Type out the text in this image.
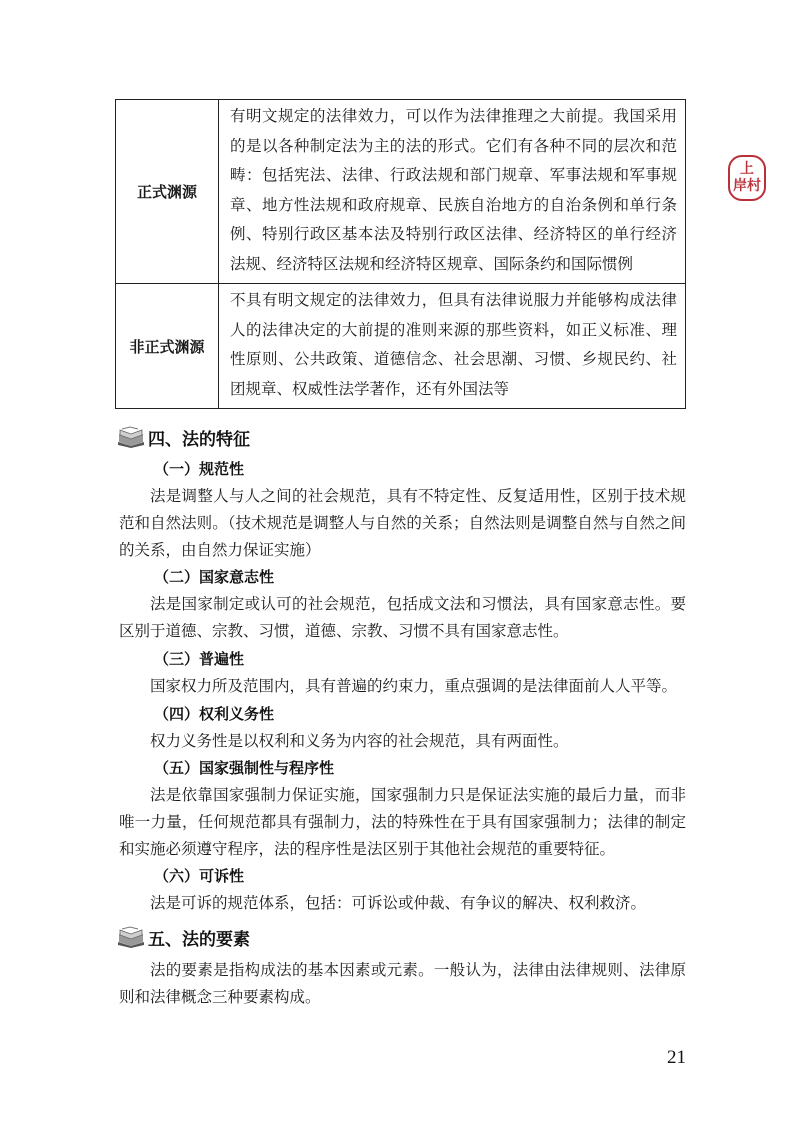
正式渊源	有明文规定的法律效力，可以作为法律推理之大前提。我国采用的是以各种制定法为主的法的形式。它们有各种不同的层次和范畴：包括宪法、法律、行政法规和部门规章、军事法规和军事规章、地方性法规和政府规章、民族自治地方的自治条例和单行条例、特别行政区基本法及特别行政区法律、经济特区的单行经济法规、经济特区法规和经济特区规章、国际条约和国际惯例
非正式渊源	不具有明文规定的法律效力，但具有法律说服力并能够构成法律人的法律决定的大前提的准则来源的那些资料，如正义标准、理性原则、公共政策、道德信念、社会思潮、习惯、乡规民约、社团规章、权威性法学著作，还有外国法等
上
岸村
四、法的特征
（一）规范性
法是调整人与人之间的社会规范，具有不特定性、反复适用性，区别于技术规范和自然法则。（技术规范是调整人与自然的关系；自然法则是调整自然与自然之间的关系，由自然力保证实施）
（二）国家意志性
法是国家制定或认可的社会规范，包括成文法和习惯法，具有国家意志性。要区别于道德、宗教、习惯，道德、宗教、习惯不具有国家意志性。
（三）普遍性
国家权力所及范围内，具有普遍的约束力，重点强调的是法律面前人人平等。
（四）权利义务性
权力义务性是以权利和义务为内容的社会规范，具有两面性。
（五）国家强制性与程序性
法是依靠国家强制力保证实施，国家强制力只是保证法实施的最后力量，而非唯一力量，任何规范都具有强制力，法的特殊性在于具有国家强制力；法律的制定和实施必须遵守程序，法的程序性是法区别于其他社会规范的重要特征。
（六）可诉性
法是可诉的规范体系，包括：可诉讼或仲裁、有争议的解决、权利救济。
五、法的要素
法的要素是指构成法的基本因素或元素。一般认为，法律由法律规则、法律原则和法律概念三种要素构成。
21
